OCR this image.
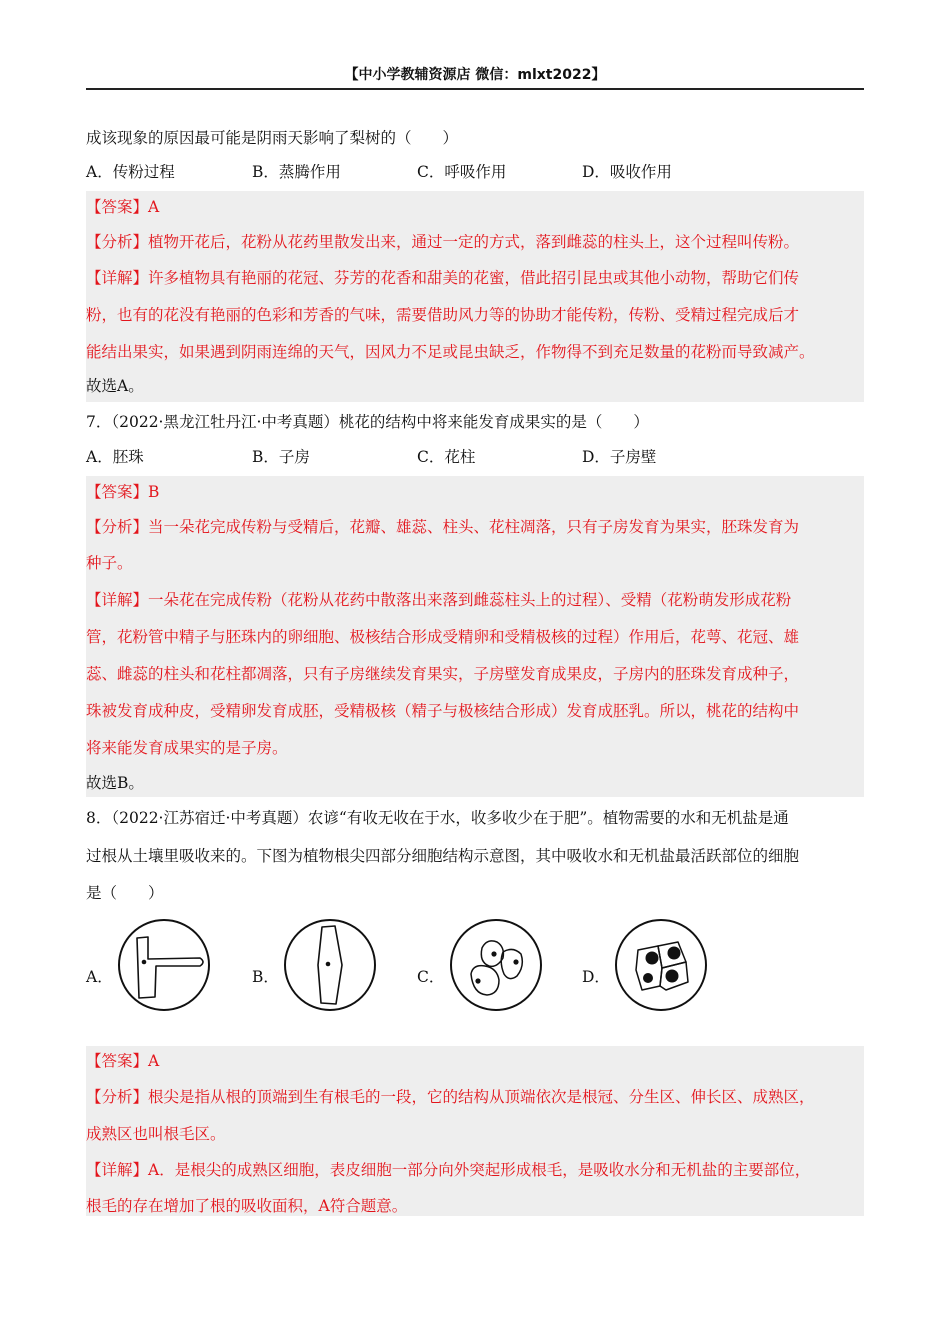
【中小学教辅资源店 微信：mlxt2022】
成该现象的原因最可能是阴雨天影响了梨树的（　　）
A．传粉过程	B．蒸腾作用	C．呼吸作用	D．吸收作用
【答案】A
【分析】植物开花后，花粉从花药里散发出来，通过一定的方式，落到雌蕊的柱头上，这个过程叫传粉。
【详解】许多植物具有艳丽的花冠、芬芳的花香和甜美的花蜜，借此招引昆虫或其他小动物，帮助它们传
粉，也有的花没有艳丽的色彩和芳香的气味，需要借助风力等的协助才能传粉，传粉、受精过程完成后才
能结出果实，如果遇到阴雨连绵的天气，因风力不足或昆虫缺乏，作物得不到充足数量的花粉而导致减产。
故选A。
7．（2022·黑龙江牡丹江·中考真题）桃花的结构中将来能发育成果实的是（　　）
A．胚珠	B．子房	C．花柱	D．子房壁
【答案】B
【分析】当一朵花完成传粉与受精后，花瓣、雄蕊、柱头、花柱凋落，只有子房发育为果实，胚珠发育为
种子。
【详解】一朵花在完成传粉（花粉从花药中散落出来落到雌蕊柱头上的过程）、受精（花粉萌发形成花粉
管，花粉管中精子与胚珠内的卵细胞、极核结合形成受精卵和受精极核的过程）作用后，花萼、花冠、雄
蕊、雌蕊的柱头和花柱都凋落，只有子房继续发育果实，子房壁发育成果皮，子房内的胚珠发育成种子，
珠被发育成种皮，受精卵发育成胚，受精极核（精子与极核结合形成）发育成胚乳。所以，桃花的结构中
将来能发育成果实的是子房。
故选B。
8．（2022·江苏宿迁·中考真题）农谚“有收无收在于水，收多收少在于肥”。植物需要的水和无机盐是通
过根从土壤里吸收来的。下图为植物根尖四部分细胞结构示意图，其中吸收水和无机盐最活跃部位的细胞
是（　　）
A．	B．	C．	D．
【答案】A
【分析】根尖是指从根的顶端到生有根毛的一段，它的结构从顶端依次是根冠、分生区、伸长区、成熟区，
成熟区也叫根毛区。
【详解】A．是根尖的成熟区细胞，表皮细胞一部分向外突起形成根毛，是吸收水分和无机盐的主要部位，
根毛的存在增加了根的吸收面积，A符合题意。
